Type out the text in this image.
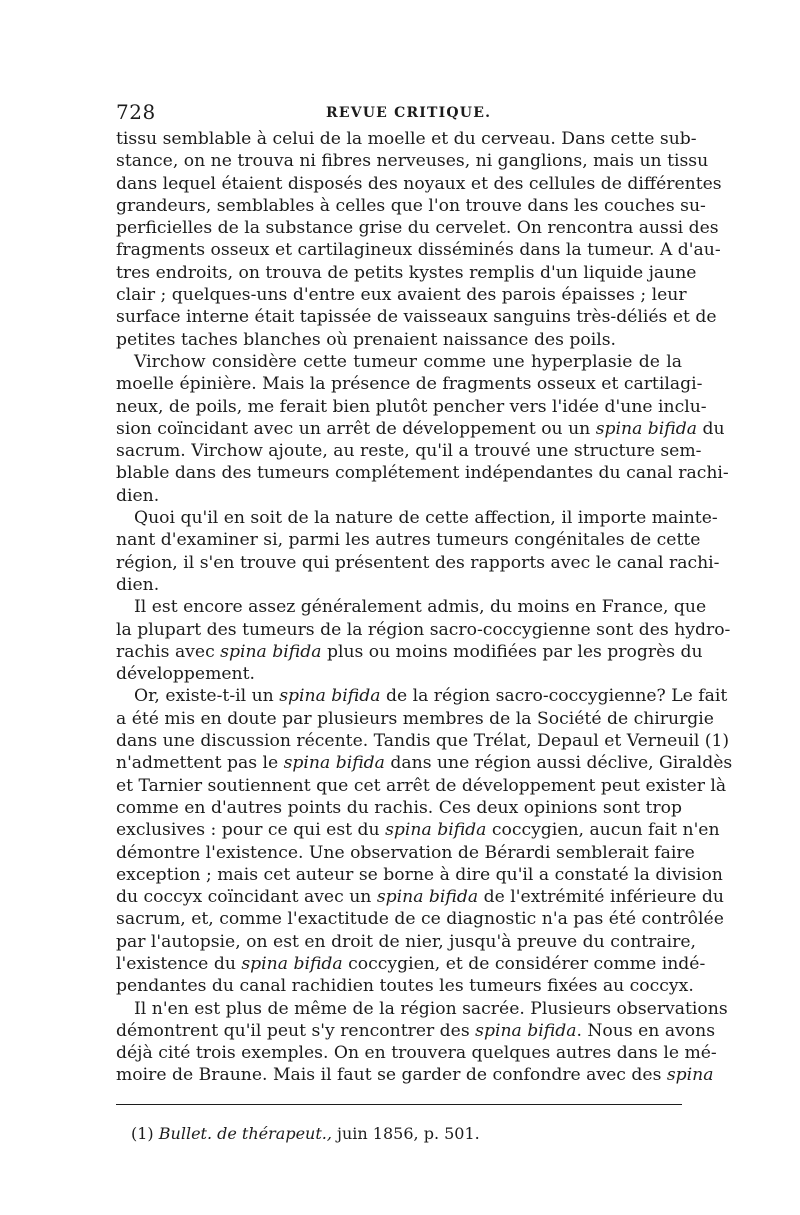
728	REVUE CRITIQUE.
tissu semblable à celui de la moelle et du cerveau. Dans cette sub-
stance, on ne trouva ni fibres nerveuses, ni ganglions, mais un tissu
dans lequel étaient disposés des noyaux et des cellules de différentes
grandeurs, semblables à celles que l'on trouve dans les couches su-
perficielles de la substance grise du cervelet. On rencontra aussi des
fragments osseux et cartilagineux disséminés dans la tumeur. A d'au-
tres endroits, on trouva de petits kystes remplis d'un liquide jaune
clair ; quelques-uns d'entre eux avaient des parois épaisses ; leur
surface interne était tapissée de vaisseaux sanguins très-déliés et de
petites taches blanches où prenaient naissance des poils.
Virchow considère cette tumeur comme une hyperplasie de la
moelle épinière. Mais la présence de fragments osseux et cartilagi-
neux, de poils, me ferait bien plutôt pencher vers l'idée d'une inclu-
sion coïncidant avec un arrêt de développement ou un spina bifida du
sacrum. Virchow ajoute, au reste, qu'il a trouvé une structure sem-
blable dans des tumeurs complétement indépendantes du canal rachi-
dien.
Quoi qu'il en soit de la nature de cette affection, il importe mainte-
nant d'examiner si, parmi les autres tumeurs congénitales de cette
région, il s'en trouve qui présentent des rapports avec le canal rachi-
dien.
Il est encore assez généralement admis, du moins en France, que
la plupart des tumeurs de la région sacro-coccygienne sont des hydro-
rachis avec spina bifida plus ou moins modifiées par les progrès du
développement.
Or, existe-t-il un spina bifida de la région sacro-coccygienne? Le fait
a été mis en doute par plusieurs membres de la Société de chirurgie
dans une discussion récente. Tandis que Trélat, Depaul et Verneuil (1)
n'admettent pas le spina bifida dans une région aussi déclive, Giraldès
et Tarnier soutiennent que cet arrêt de développement peut exister là
comme en d'autres points du rachis. Ces deux opinions sont trop
exclusives : pour ce qui est du spina bifida coccygien, aucun fait n'en
démontre l'existence. Une observation de Bérardi semblerait faire
exception ; mais cet auteur se borne à dire qu'il a constaté la division
du coccyx coïncidant avec un spina bifida de l'extrémité inférieure du
sacrum, et, comme l'exactitude de ce diagnostic n'a pas été contrôlée
par l'autopsie, on est en droit de nier, jusqu'à preuve du contraire,
l'existence du spina bifida coccygien, et de considérer comme indé-
pendantes du canal rachidien toutes les tumeurs fixées au coccyx.
Il n'en est plus de même de la région sacrée. Plusieurs observations
démontrent qu'il peut s'y rencontrer des spina bifida. Nous en avons
déjà cité trois exemples. On en trouvera quelques autres dans le mé-
moire de Braune. Mais il faut se garder de confondre avec des spina
(1) Bullet. de thérapeut., juin 1856, p. 501.
